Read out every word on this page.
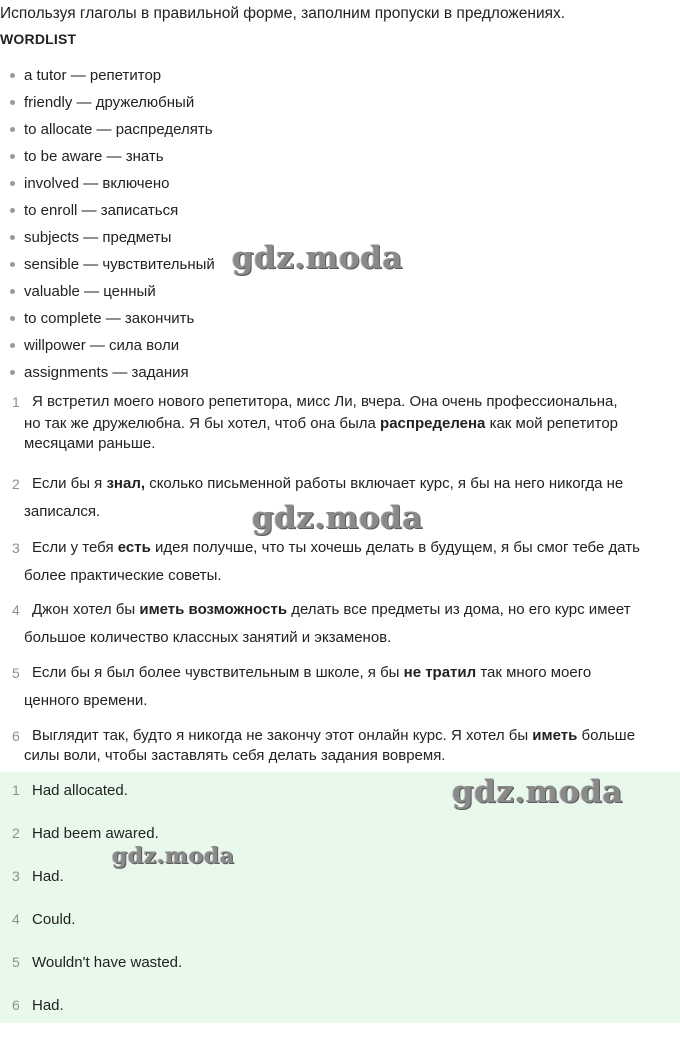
Используя глаголы в правильной форме, заполним пропуски в предложениях.
WORDLIST
a tutor — репетитор
friendly — дружелюбный
to allocate — распределять
to be aware — знать
involved — включено
to enroll — записаться
subjects — предметы
sensible — чувствительный
valuable — ценный
to complete — закончить
willpower — сила воли
assignments — задания
1 Я встретил моего нового репетитора, мисс Ли, вчера. Она очень профессиональна,
но так же дружелюбна. Я бы хотел, чтоб она была распределена как мой репетитор
месяцами раньше.
2 Если бы я знал, сколько письменной работы включает курс, я бы на него никогда не
записался.
3 Если у тебя есть идея получше, что ты хочешь делать в будущем, я бы смог тебе дать
более практические советы.
4 Джон хотел бы иметь возможность делать все предметы из дома, но его курс имеет
большое количество классных занятий и экзаменов.
5 Если бы я был более чувствительным в школе, я бы не тратил так много моего
ценного времени.
6 Выглядит так, будто я никогда не закончу этот онлайн курс. Я хотел бы иметь больше
силы воли, чтобы заставлять себя делать задания вовремя.
1 Had allocated.
2 Had beem awared.
3 Had.
4 Could.
5 Wouldn't have wasted.
6 Had.
gdz.moda
gdz.moda
gdz.moda
gdz.moda
